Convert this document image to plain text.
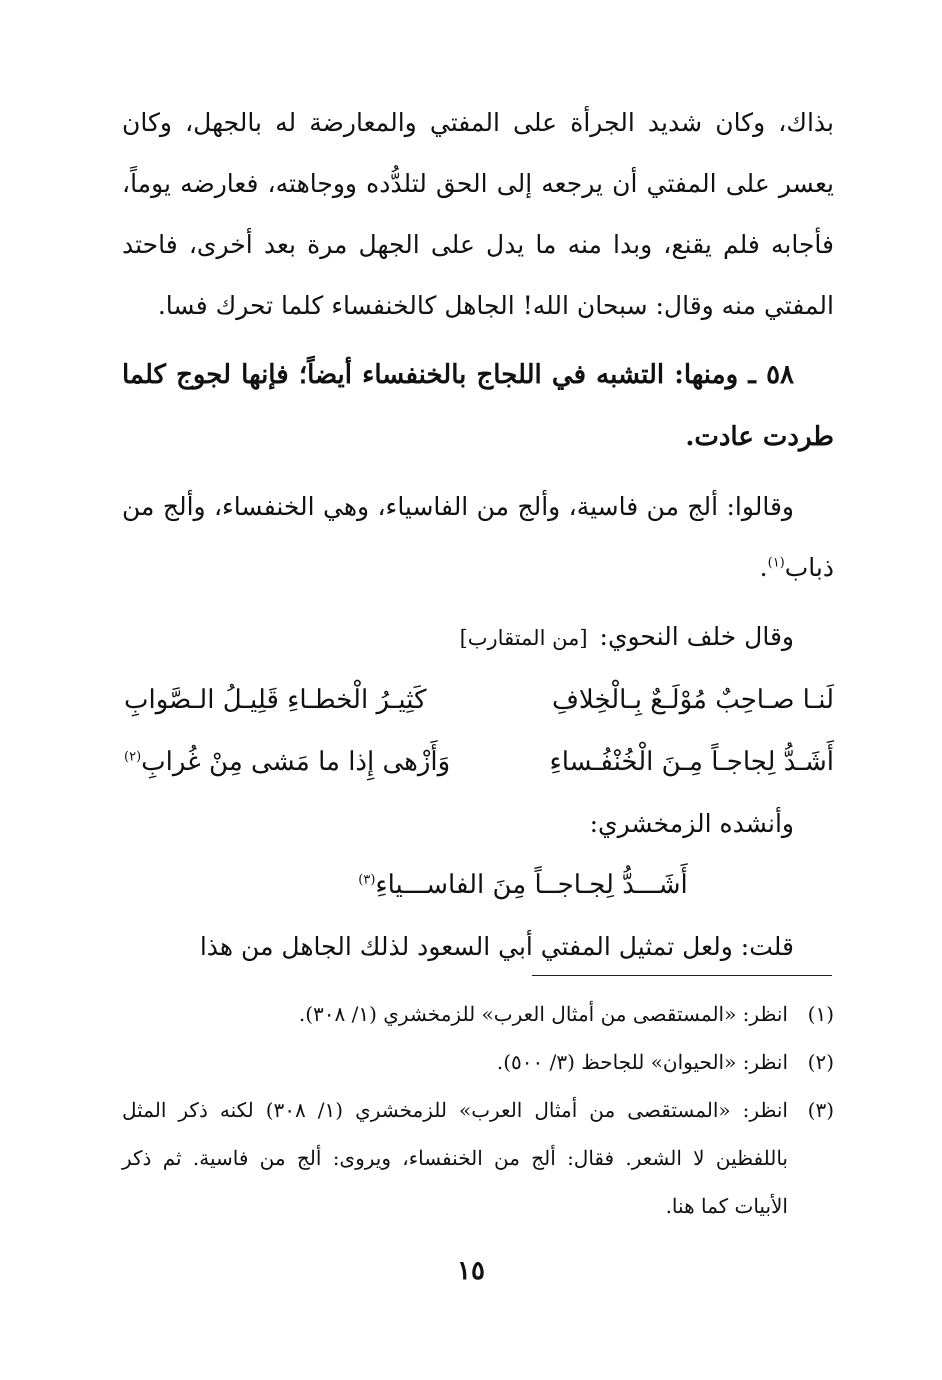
بذاك، وكان شديد الجرأة على المفتي والمعارضة له بالجهل، وكان يعسر على المفتي أن يرجعه إلى الحق لتلدُّده ووجاهته، فعارضه يوماً، فأجابه فلم يقنع، وبدا منه ما يدل على الجهل مرة بعد أخرى، فاحتد المفتي منه وقال: سبحان الله! الجاهل كالخنفساء كلما تحرك فسا.

٥٨ ـ ومنها: التشبه في اللجاج بالخنفساء أيضاً؛ فإنها لجوج كلما طردت عادت.

وقالوا: ألج من فاسية، وألج من الفاسياء، وهي الخنفساء، وألج من ذباب$^{(١)}$.

وقال خلف النحوي:[من المتقارب]

لَنـا صـاحِبٌ مُوْلَـعٌ بِـالْخِلافِ
كَثِيـرُ الْخطـاءِ قَلِيـلُ الـصَّوابِ
أَشَـدُّ لِجاجـاً مِـنَ الْخُنْفُـساءِ
وَأَزْهى إِذا ما مَشى مِنْ غُرابِ$^{(٢)}$

وأنشده الزمخشري:

أَشَـــدُّ لِجـاجــاً مِنَ الفاســـياءِ$^{(٣)}$

قلت: ولعل تمثيل المفتي أبي السعود لذلك الجاهل من هذا

(١)
انظر: «المستقصى من أمثال العرب» للزمخشري (١/ ٣٠٨).
(٢)
انظر: «الحيوان» للجاحظ (٣/ ٥٠٠).
(٣)
انظر: «المستقصى من أمثال العرب» للزمخشري (١/ ٣٠٨) لكنه ذكر المثل باللفظين لا الشعر. فقال: ألج من الخنفساء، ويروى: ألج من فاسية. ثم ذكر الأبيات كما هنا.
١٥
